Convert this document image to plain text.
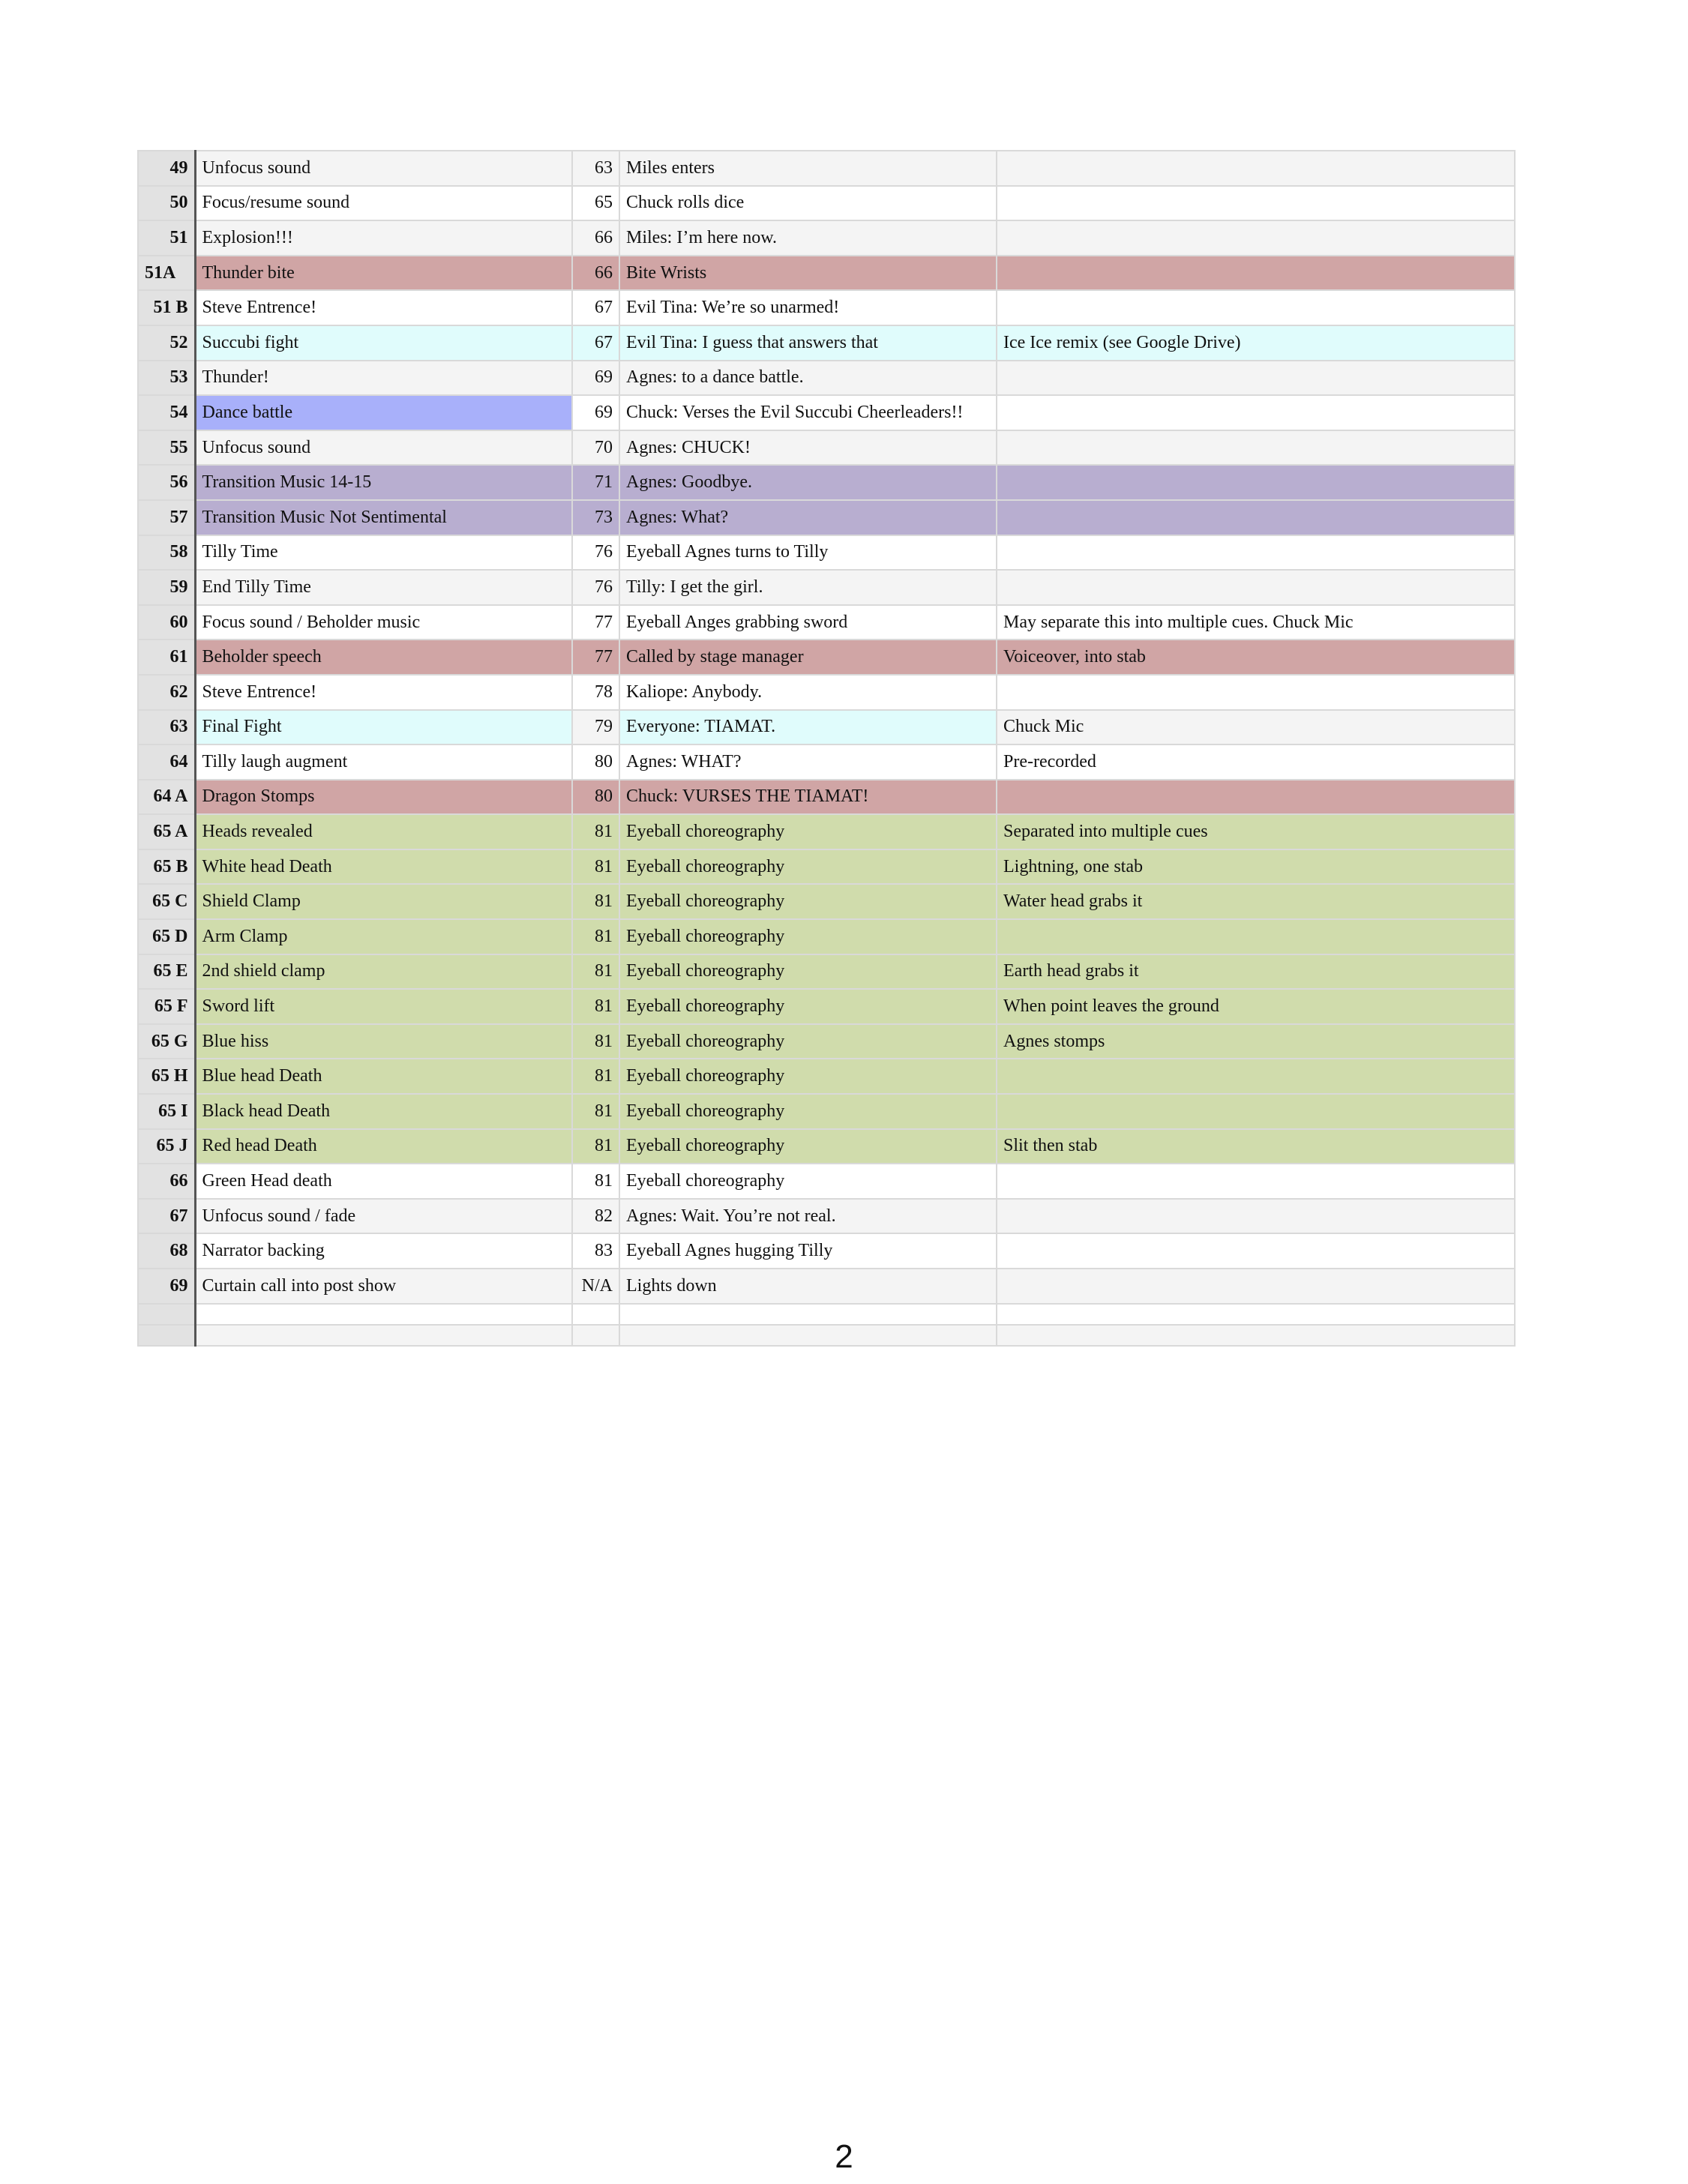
49	Unfocus sound	63	Miles enters	
50	Focus/resume sound	65	Chuck rolls dice	
51	Explosion!!!	66	Miles: I’m here now.	
51A	Thunder bite	66	Bite Wrists	
51 B	Steve Entrence!	67	Evil Tina: We’re so unarmed!	
52	Succubi fight	67	Evil Tina: I guess that answers that	Ice Ice remix (see Google Drive)
53	Thunder!	69	Agnes: to a dance battle.	
54	Dance battle	69	Chuck: Verses the Evil Succubi Cheerleaders!!	
55	Unfocus sound	70	Agnes: CHUCK!	
56	Transition Music 14-15	71	Agnes: Goodbye.	
57	Transition Music Not Sentimental	73	Agnes: What?	
58	Tilly Time	76	Eyeball Agnes turns to Tilly	
59	End Tilly Time	76	Tilly: I get the girl.	
60	Focus sound / Beholder music	77	Eyeball Anges grabbing sword	May separate this into multiple cues. Chuck Mic
61	Beholder speech	77	Called by stage manager	Voiceover, into stab
62	Steve Entrence!	78	Kaliope: Anybody.	
63	Final Fight	79	Everyone: TIAMAT.	Chuck Mic
64	Tilly laugh augment	80	Agnes: WHAT?	Pre-recorded
64 A	Dragon Stomps	80	Chuck: VURSES THE TIAMAT!	
65 A	Heads revealed	81	Eyeball choreography	Separated into multiple cues
65 B	White head Death	81	Eyeball choreography	Lightning, one stab
65 C	Shield Clamp	81	Eyeball choreography	Water head grabs it
65 D	Arm Clamp	81	Eyeball choreography	
65 E	2nd shield clamp	81	Eyeball choreography	Earth head grabs it
65 F	Sword lift	81	Eyeball choreography	When point leaves the ground
65 G	Blue hiss	81	Eyeball choreography	Agnes stomps
65 H	Blue head Death	81	Eyeball choreography	
65 I	Black head Death	81	Eyeball choreography	
65 J	Red head Death	81	Eyeball choreography	Slit then stab
66	Green Head death	81	Eyeball choreography	
67	Unfocus sound / fade	82	Agnes: Wait. You’re not real.	
68	Narrator backing	83	Eyeball Agnes hugging Tilly	
69	Curtain call into post show	N/A	Lights down	

2
